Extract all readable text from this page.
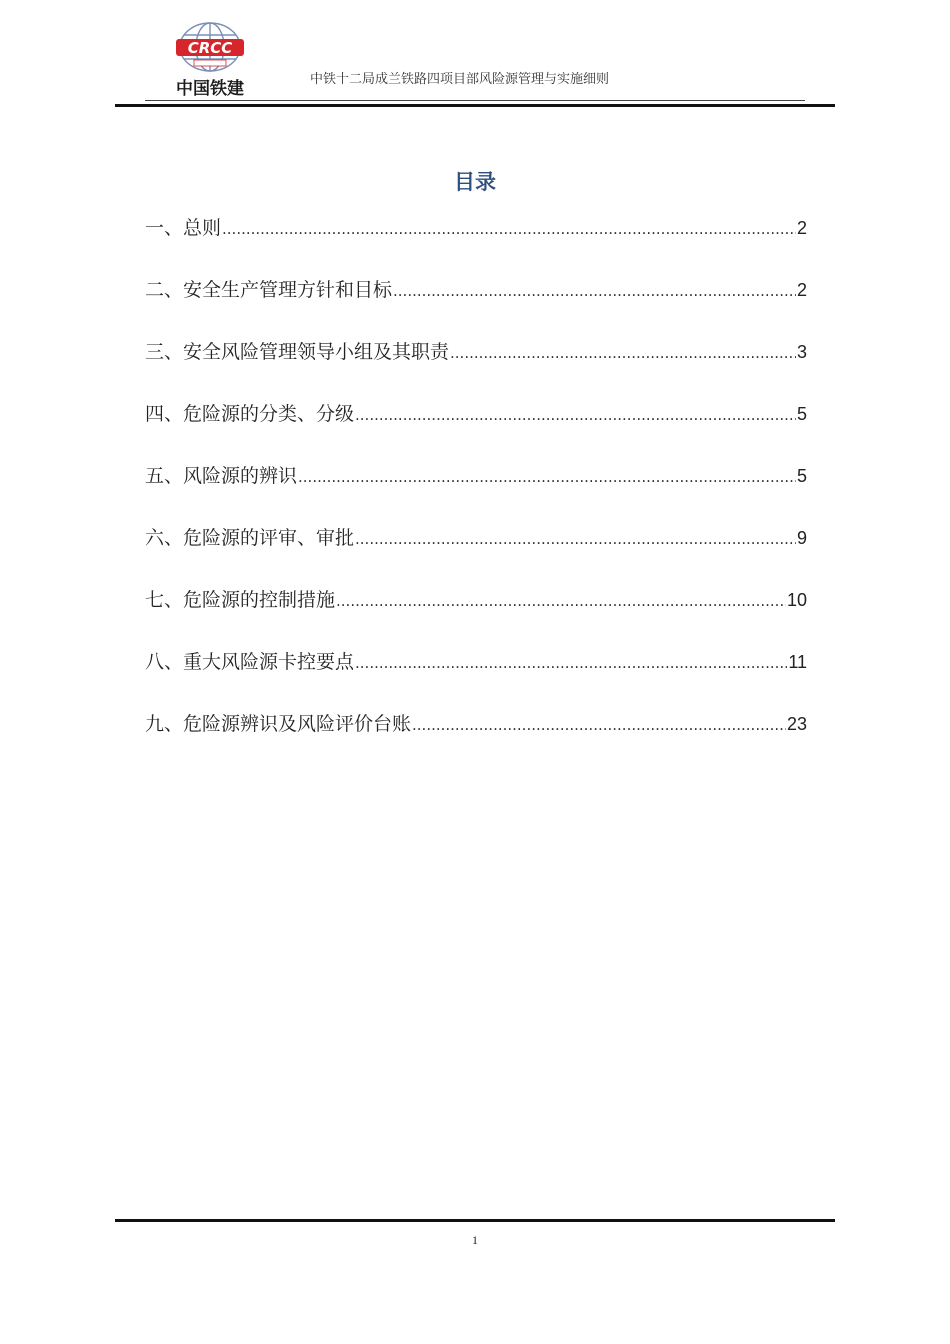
CRCC
中国铁建	中铁十二局成兰铁路四项目部风险源管理与实施细则
目录
一、总则 .....	2
二、安全生产管理方针和目标 .....	2
三、安全风险管理领导小组及其职责 .....	3
四、危险源的分类、分级 .....	5
五、风险源的辨识 .....	5
六、危险源的评审、审批 .....	9
七、危险源的控制措施 .....	10
八、重大风险源卡控要点 .....	11
九、危险源辨识及风险评价台账 .....	23
1
